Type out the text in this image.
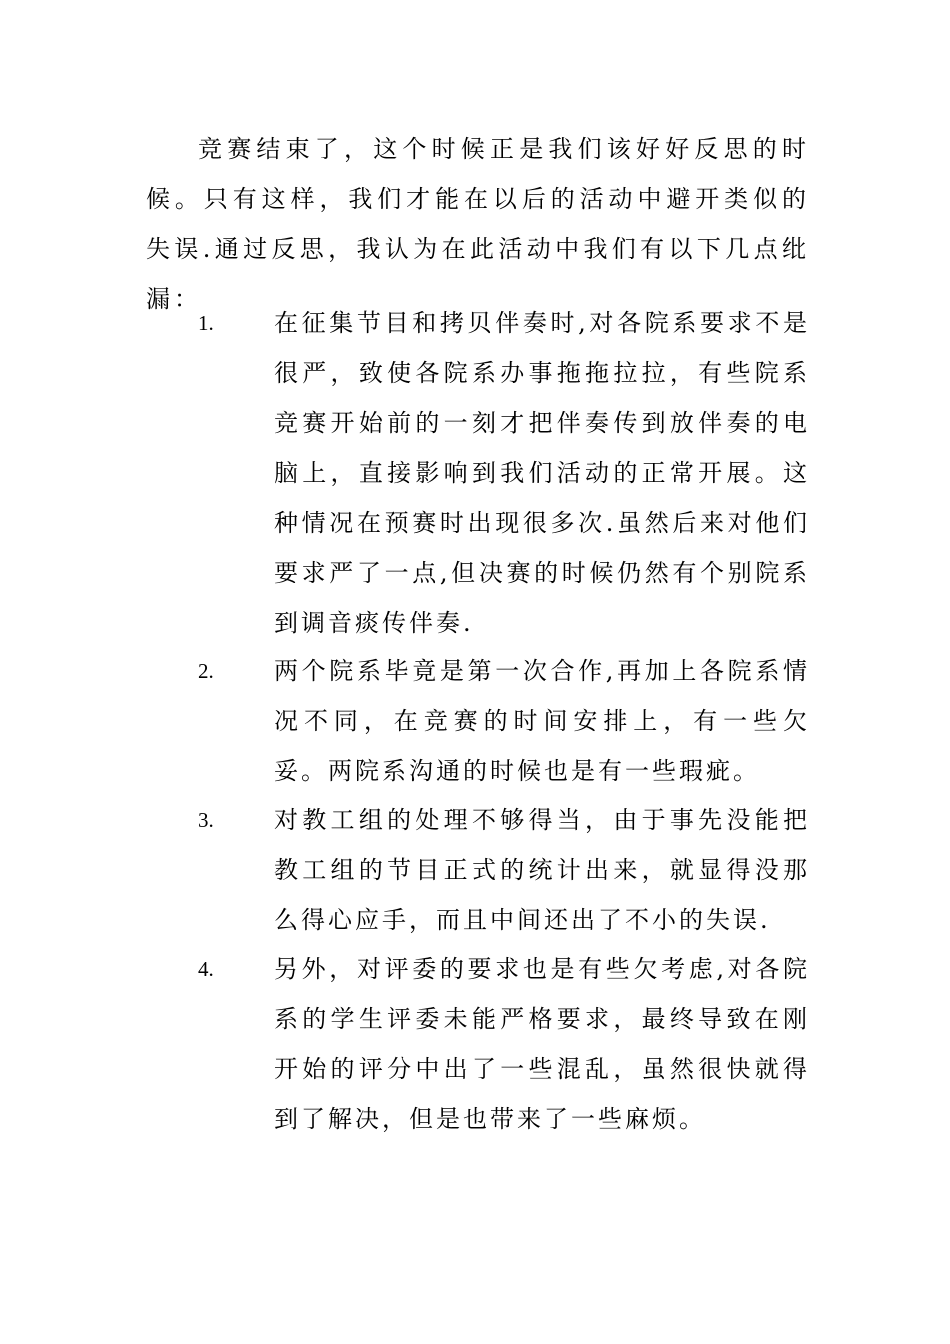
竞赛结束了，这个时候正是我们该好好反思的时候。只有这样，我们才能在以后的活动中避开类似的失误.通过反思，我认为在此活动中我们有以下几点纰漏：

1.	在征集节目和拷贝伴奏时,对各院系要求不是很严，致使各院系办事拖拖拉拉，有些院系竞赛开始前的一刻才把伴奏传到放伴奏的电脑上，直接影响到我们活动的正常开展。这种情况在预赛时出现很多次.虽然后来对他们要求严了一点,但决赛的时候仍然有个别院系到调音痰传伴奏.

2.	两个院系毕竟是第一次合作,再加上各院系情况不同，在竞赛的时间安排上，有一些欠妥。两院系沟通的时候也是有一些瑕疵。

3.	对教工组的处理不够得当，由于事先没能把教工组的节目正式的统计出来，就显得没那么得心应手，而且中间还出了不小的失误.

4.	另外，对评委的要求也是有些欠考虑,对各院系的学生评委未能严格要求，最终导致在刚开始的评分中出了一些混乱，虽然很快就得到了解决，但是也带来了一些麻烦。
